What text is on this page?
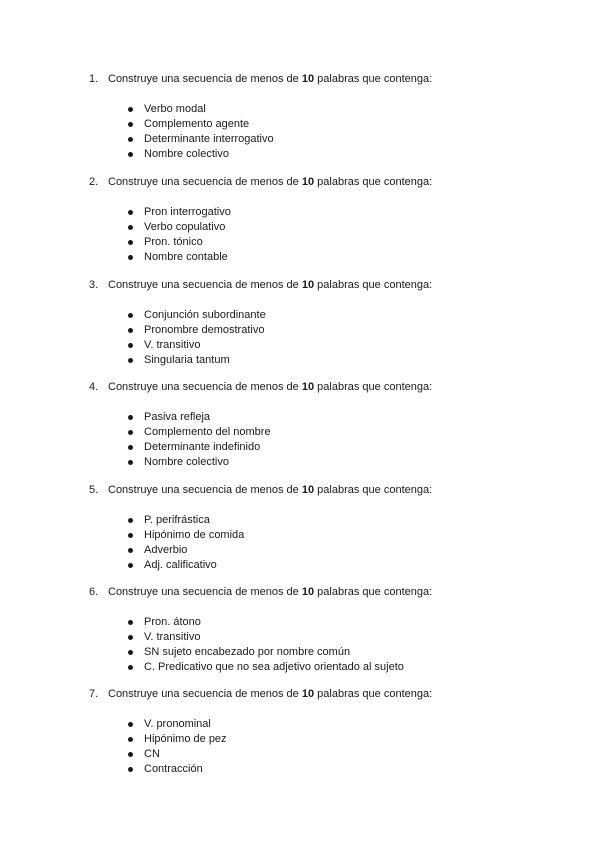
1. Construye una secuencia de menos de 10 palabras que contenga:
Verbo modal
Complemento agente
Determinante interrogativo
Nombre colectivo
2. Construye una secuencia de menos de 10 palabras que contenga:
Pron interrogativo
Verbo copulativo
Pron. tónico
Nombre contable
3. Construye una secuencia de menos de 10 palabras que contenga:
Conjunción subordinante
Pronombre demostrativo
V. transitivo
Singularia tantum
4. Construye una secuencia de menos de 10 palabras que contenga:
Pasiva refleja
Complemento del nombre
Determinante indefinido
Nombre colectivo
5. Construye una secuencia de menos de 10 palabras que contenga:
P. perifrástica
Hipónimo de comida
Adverbio
Adj. calificativo
6. Construye una secuencia de menos de 10 palabras que contenga:
Pron. átono
V. transitivo
SN sujeto encabezado por nombre común
C. Predicativo que no sea adjetivo orientado al sujeto
7. Construye una secuencia de menos de 10 palabras que contenga:
V. pronominal
Hipónimo de pez
CN
Contracción
